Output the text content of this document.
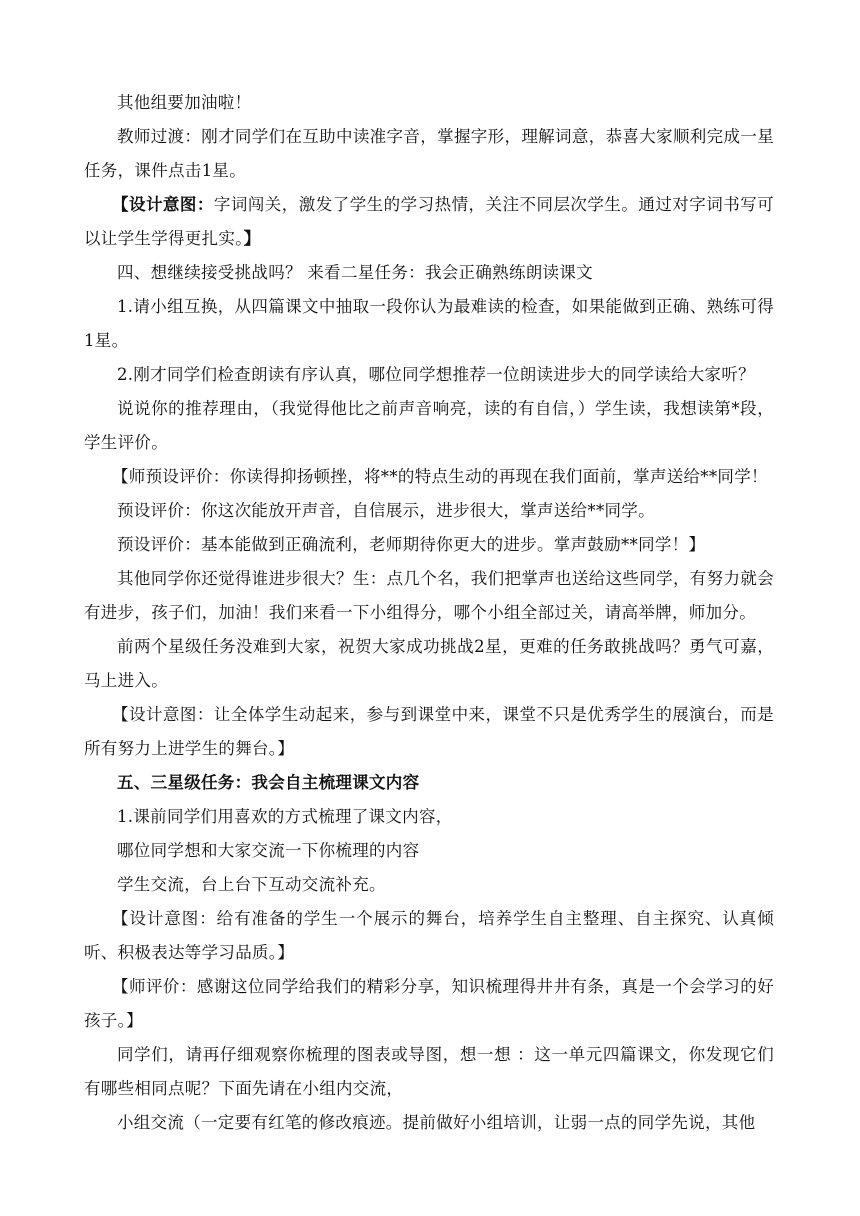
其他组要加油啦！

教师过渡：刚才同学们在互助中读准字音，掌握字形，理解词意，恭喜大家顺利完成一星任务，课件点击1星。

【设计意图：字词闯关，激发了学生的学习热情，关注不同层次学生。通过对字词书写可以让学生学得更扎实。】

四、想继续接受挑战吗？ 来看二星任务：我会正确熟练朗读课文

1.请小组互换，从四篇课文中抽取一段你认为最难读的检查，如果能做到正确、熟练可得1星。

2.刚才同学们检查朗读有序认真，哪位同学想推荐一位朗读进步大的同学读给大家听？

说说你的推荐理由，（我觉得他比之前声音响亮，读的有自信，）学生读，我想读第*段，学生评价。

【师预设评价：你读得抑扬顿挫，将**的特点生动的再现在我们面前，掌声送给**同学！

预设评价：你这次能放开声音，自信展示，进步很大，掌声送给**同学。

预设评价：基本能做到正确流利，老师期待你更大的进步。掌声鼓励**同学！】

其他同学你还觉得谁进步很大？生：点几个名，我们把掌声也送给这些同学，有努力就会有进步，孩子们，加油！我们来看一下小组得分，哪个小组全部过关，请高举牌，师加分。

前两个星级任务没难到大家，祝贺大家成功挑战2星，更难的任务敢挑战吗？勇气可嘉，马上进入。

【设计意图：让全体学生动起来，参与到课堂中来，课堂不只是优秀学生的展演台，而是所有努力上进学生的舞台。】

五、三星级任务：我会自主梳理课文内容

1.课前同学们用喜欢的方式梳理了课文内容，

哪位同学想和大家交流一下你梳理的内容

学生交流，台上台下互动交流补充。

【设计意图：给有准备的学生一个展示的舞台，培养学生自主整理、自主探究、认真倾听、积极表达等学习品质。】

【师评价：感谢这位同学给我们的精彩分享，知识梳理得井井有条，真是一个会学习的好孩子。】

同学们，请再仔细观察你梳理的图表或导图，想一想 ：这一单元四篇课文，你发现它们有哪些相同点呢？下面先请在小组内交流，

小组交流（一定要有红笔的修改痕迹。提前做好小组培训，让弱一点的同学先说，其他
